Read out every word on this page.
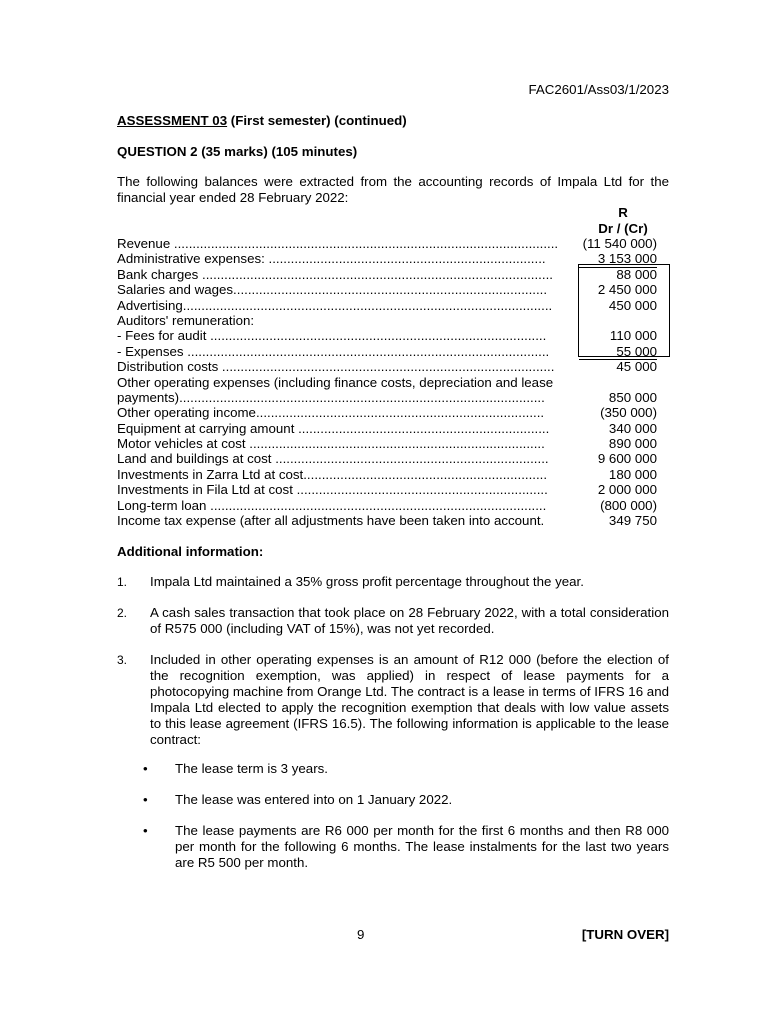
FAC2601/Ass03/1/2023
ASSESSMENT 03 (First semester) (continued)
QUESTION 2 (35 marks) (105 minutes)
The following balances were extracted from the accounting records of Impala Ltd for the financial year ended 28 February 2022:
R
Dr / (Cr)
Revenue ........................................................................................................	(11 540 000)
Administrative expenses: ...........................................................................	3 153 000
Bank charges ...............................................................................................	88 000
Salaries and wages.....................................................................................	2 450 000
Advertising....................................................................................................	450 000
Auditors' remuneration:
- Fees for audit ...........................................................................................	110 000
- Expenses ..................................................................................................	55 000
Distribution costs ..........................................................................................	45 000
Other operating expenses (including finance costs, depreciation and lease payments)...................................................................................................	850 000
Other operating income..............................................................................	(350 000)
Equipment at carrying amount ....................................................................	340 000
Motor vehicles at cost ................................................................................	890 000
Land and buildings at cost ..........................................................................	9 600 000
Investments in Zarra Ltd at cost..................................................................	180 000
Investments in Fila Ltd at cost ....................................................................	2 000 000
Long-term loan ...........................................................................................	(800 000)
Income tax expense (after all adjustments have been taken into account.	349 750
Additional information:
1. Impala Ltd maintained a 35% gross profit percentage throughout the year.
2. A cash sales transaction that took place on 28 February 2022, with a total consideration of R575 000 (including VAT of 15%), was not yet recorded.
3. Included in other operating expenses is an amount of R12 000 (before the election of the recognition exemption, was applied) in respect of lease payments for a photocopying machine from Orange Ltd. The contract is a lease in terms of IFRS 16 and Impala Ltd elected to apply the recognition exemption that deals with low value assets to this lease agreement (IFRS 16.5). The following information is applicable to the lease contract:
• The lease term is 3 years.
• The lease was entered into on 1 January 2022.
• The lease payments are R6 000 per month for the first 6 months and then R8 000 per month for the following 6 months. The lease instalments for the last two years are R5 500 per month.
9	[TURN OVER]
